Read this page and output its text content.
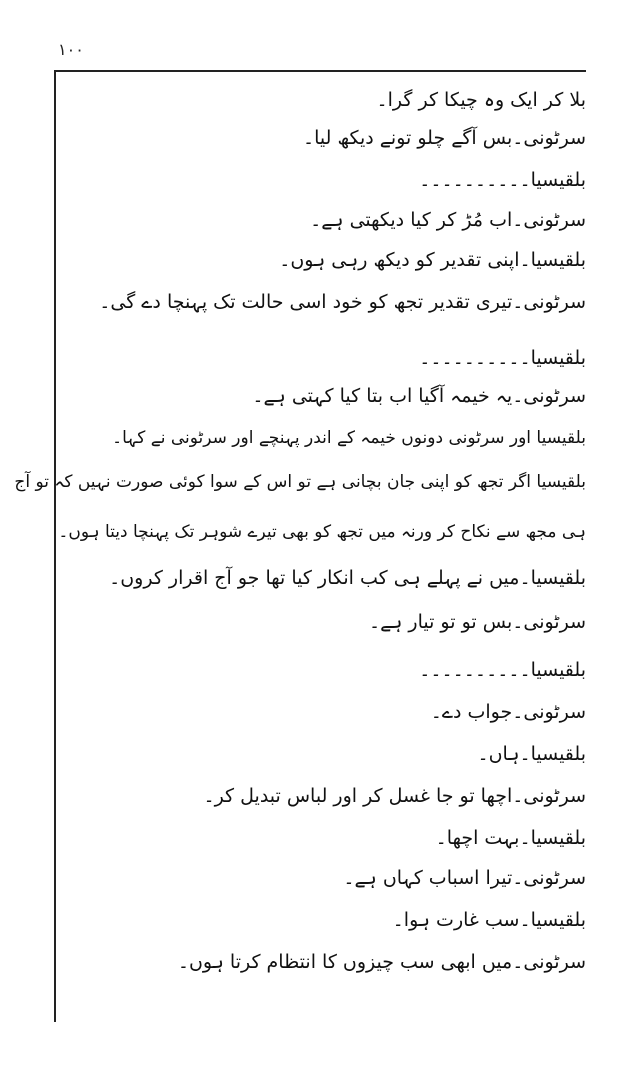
۱۰۰
بلا کر ایک وہ چیکا کر گرا۔
سرٹونی۔بس آگے چلو تونے دیکھ لیا۔
بلقیسیا۔۔۔۔۔۔۔۔۔۔
سرٹونی۔اب مُڑ کر کیا دیکھتی ہے۔
بلقیسیا۔اپنی تقدیر کو دیکھ رہی ہوں۔
سرٹونی۔تیری تقدیر تجھ کو خود اسی حالت تک پہنچا دے گی۔
بلقیسیا۔۔۔۔۔۔۔۔۔۔
سرٹونی۔یہ خیمہ آگیا اب بتا کیا کہتی ہے۔
بلقیسیا اور سرٹونی دونوں خیمہ کے اندر پہنچے اور سرٹونی نے کہا۔
بلقیسیا اگر تجھ کو اپنی جان بچانی ہے تو اس کے سوا کوئی صورت نہیں کہ تو آج
ہی مجھ سے نکاح کر ورنہ میں تجھ کو بھی تیرے شوہر تک پہنچا دیتا ہوں۔
بلقیسیا۔میں نے پہلے ہی کب انکار کیا تھا جو آج اقرار کروں۔
سرٹونی۔بس تو تو تیار ہے۔
بلقیسیا۔۔۔۔۔۔۔۔۔۔
سرٹونی۔جواب دے۔
بلقیسیا۔ہاں۔
سرٹونی۔اچھا تو جا غسل کر اور لباس تبدیل کر۔
بلقیسیا۔بہت اچھا۔
سرٹونی۔تیرا اسباب کہاں ہے۔
بلقیسیا۔سب غارت ہوا۔
سرٹونی۔میں ابھی سب چیزوں کا انتظام کرتا ہوں۔
